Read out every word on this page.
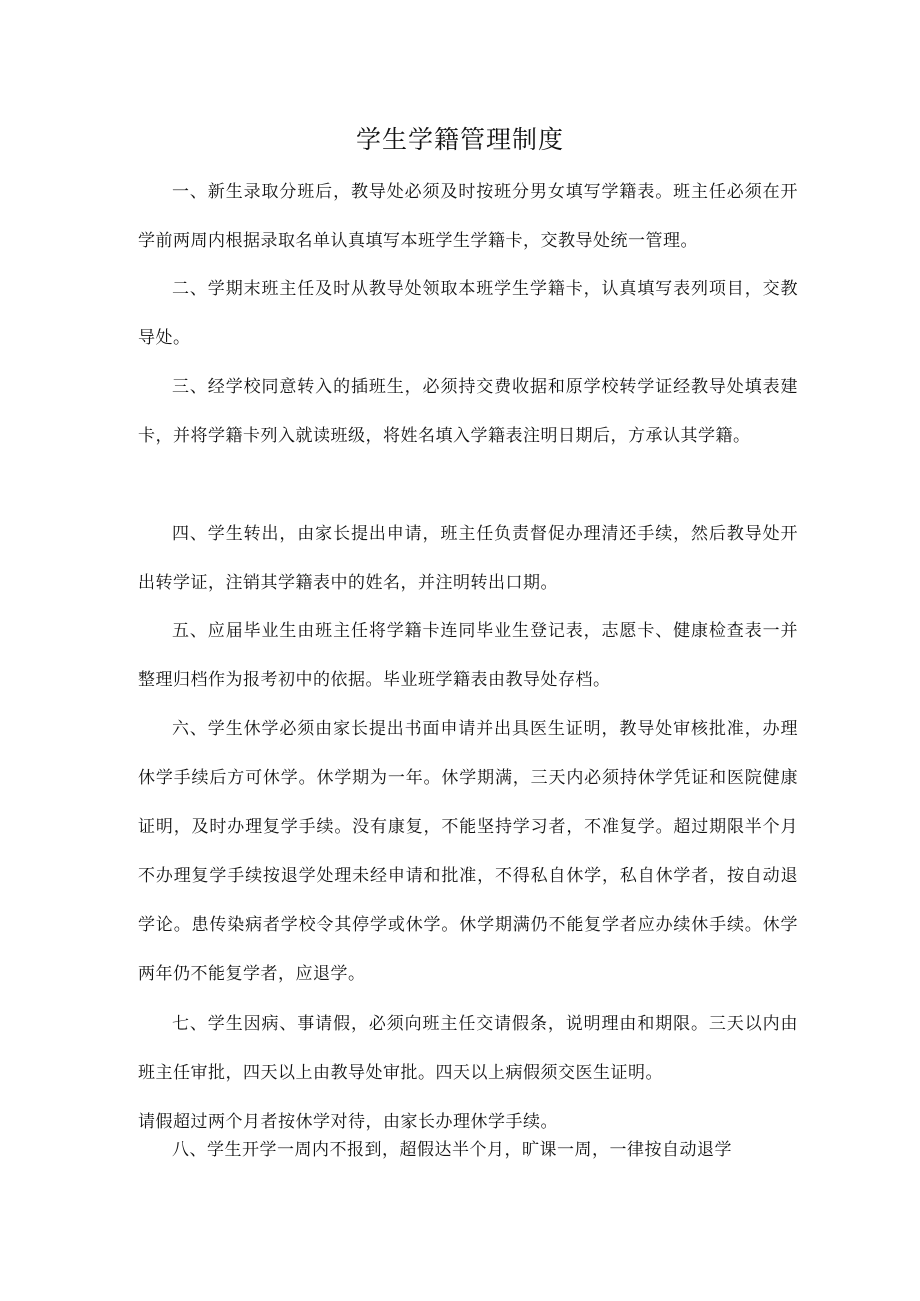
学生学籍管理制度

一、新生录取分班后，教导处必须及时按班分男女填写学籍表。班主任必须在开学前两周内根据录取名单认真填写本班学生学籍卡，交教导处统一管理。

二、学期末班主任及时从教导处领取本班学生学籍卡，认真填写表列项目，交教导处。

三、经学校同意转入的插班生，必须持交费收据和原学校转学证经教导处填表建卡，并将学籍卡列入就读班级，将姓名填入学籍表注明日期后，方承认其学籍。

四、学生转出，由家长提出申请，班主任负责督促办理清还手续，然后教导处开出转学证，注销其学籍表中的姓名，并注明转出口期。

五、应届毕业生由班主任将学籍卡连同毕业生登记表，志愿卡、健康检查表一并整理归档作为报考初中的依据。毕业班学籍表由教导处存档。

六、学生休学必须由家长提出书面申请并出具医生证明，教导处审核批准，办理休学手续后方可休学。休学期为一年。休学期满，三天内必须持休学凭证和医院健康证明，及时办理复学手续。没有康复，不能坚持学习者，不准复学。超过期限半个月不办理复学手续按退学处理未经申请和批准，不得私自休学，私自休学者，按自动退学论。患传染病者学校令其停学或休学。休学期满仍不能复学者应办续休手续。休学两年仍不能复学者，应退学。

七、学生因病、事请假，必须向班主任交请假条，说明理由和期限。三天以内由班主任审批，四天以上由教导处审批。四天以上病假须交医生证明。

请假超过两个月者按休学对待，由家长办理休学手续。

八、学生开学一周内不报到，超假达半个月，旷课一周，一律按自动退学
